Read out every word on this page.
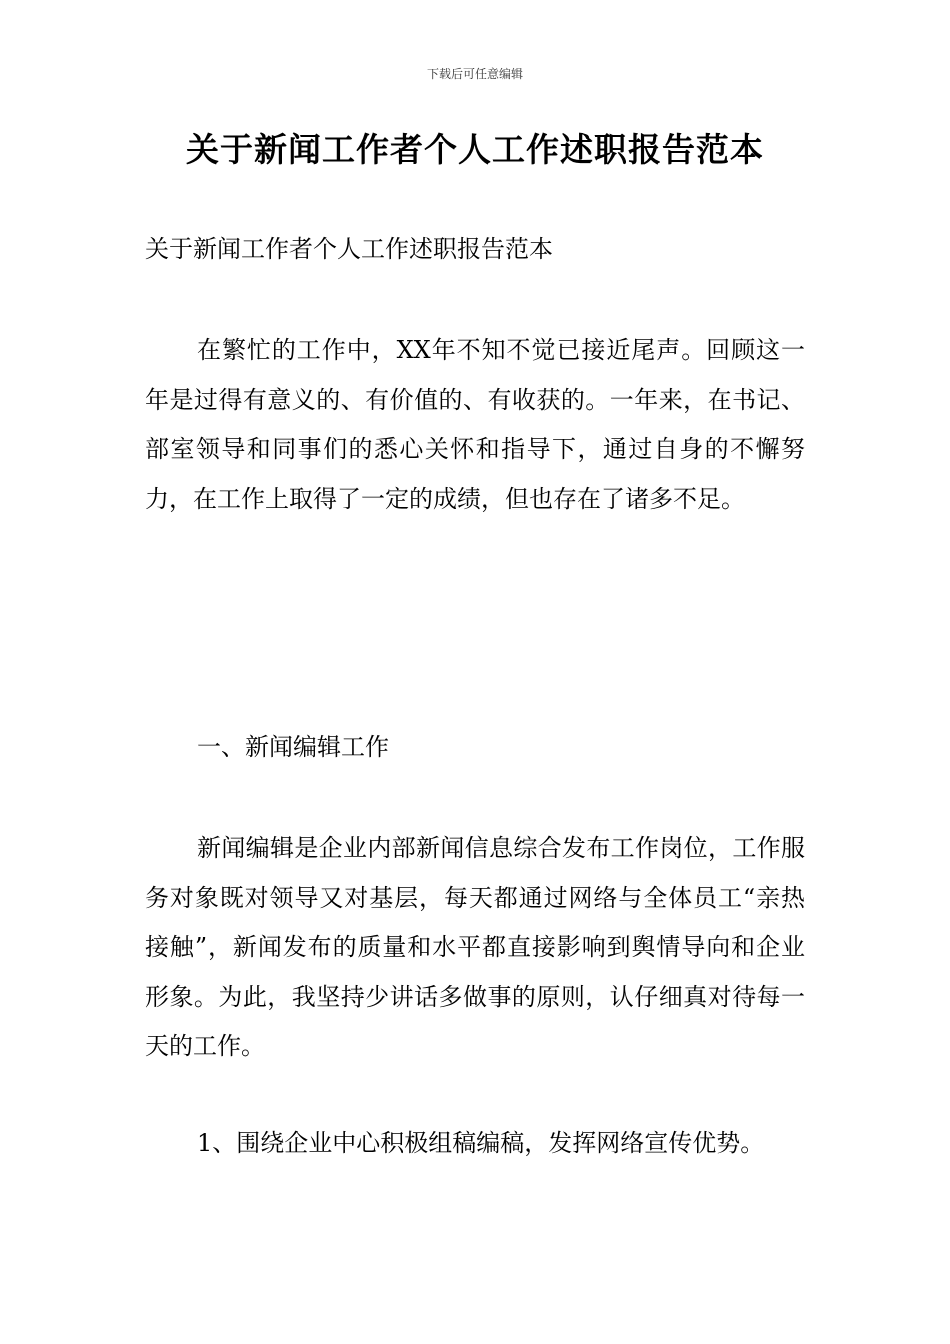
下载后可任意编辑
关于新闻工作者个人工作述职报告范本

关于新闻工作者个人工作述职报告范本

在繁忙的工作中，XX年不知不觉已接近尾声。回顾这一年是过得有意义的、有价值的、有收获的。一年来，在书记、部室领导和同事们的悉心关怀和指导下，通过自身的不懈努力，在工作上取得了一定的成绩，但也存在了诸多不足。

一、新闻编辑工作

新闻编辑是企业内部新闻信息综合发布工作岗位，工作服务对象既对领导又对基层，每天都通过网络与全体员工“亲热接触”，新闻发布的质量和水平都直接影响到舆情导向和企业形象。为此，我坚持少讲话多做事的原则，认仔细真对待每一天的工作。

1、围绕企业中心积极组稿编稿，发挥网络宣传优势。
